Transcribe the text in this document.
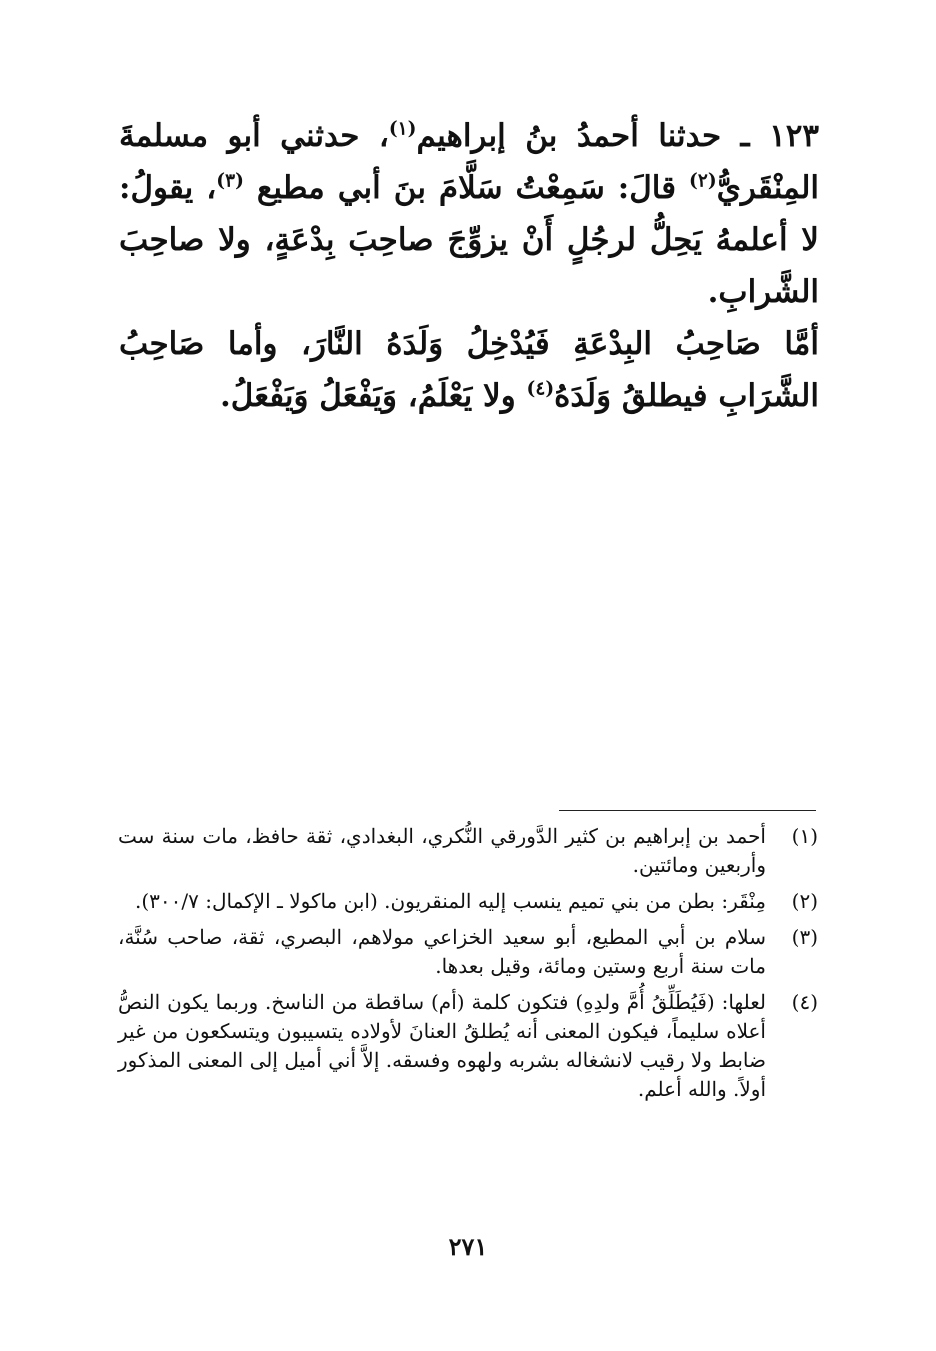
١٢٣ ـ حدثنا أحمدُ بنُ إبراهيم$^{(١)}$، حدثني أبو مسلمةَ المِنْقَريُّ$^{(٢)}$ قالَ: سَمِعْتُ سَلَّامَ بنَ أبي مطيع $^{(٣)}$، يقولُ: لا أعلمهُ يَحِلُّ لرجُلٍ أَنْ يزوِّجَ صاحِبَ بِدْعَةٍ، ولا صاحِبَ الشَّرابِ.

أمَّا صَاحِبُ البِدْعَةِ فَيُدْخِلُ وَلَدَهُ النَّارَ، وأما صَاحِبُ الشَّرَابِ فيطلقُ وَلَدَهُ$^{(٤)}$ ولا يَعْلَمُ، وَيَفْعَلُ وَيَفْعَلُ.

(١)
أحمد بن إبراهيم بن كثير الدَّورقي النُّكري، البغدادي، ثقة حافظ، مات سنة ست وأربعين ومائتين.
(٢)
مِنْقَر: بطن من بني تميم ينسب إليه المنقريون. (ابن ماكولا ـ الإكمال: ٣٠٠/٧).
(٣)
سلام بن أبي المطيع، أبو سعيد الخزاعي مولاهم، البصري، ثقة، صاحب سُنَّة، مات سنة أربع وستين ومائة، وقيل بعدها.
(٤)
لعلها: (فَيُطَلِّقُ أُمَّ ولدِهِ) فتكون كلمة (أم) ساقطة من الناسخ. وربما يكون النصُّ أعلاه سليماً، فيكون المعنى أنه يُطلقُ العنانَ لأولاده يتسيبون ويتسكعون من غير ضابط ولا رقيب لانشغاله بشربه ولهوه وفسقه. إلاَّ أني أميل إلى المعنى المذكور أولاً. والله أعلم.
٢٧١
